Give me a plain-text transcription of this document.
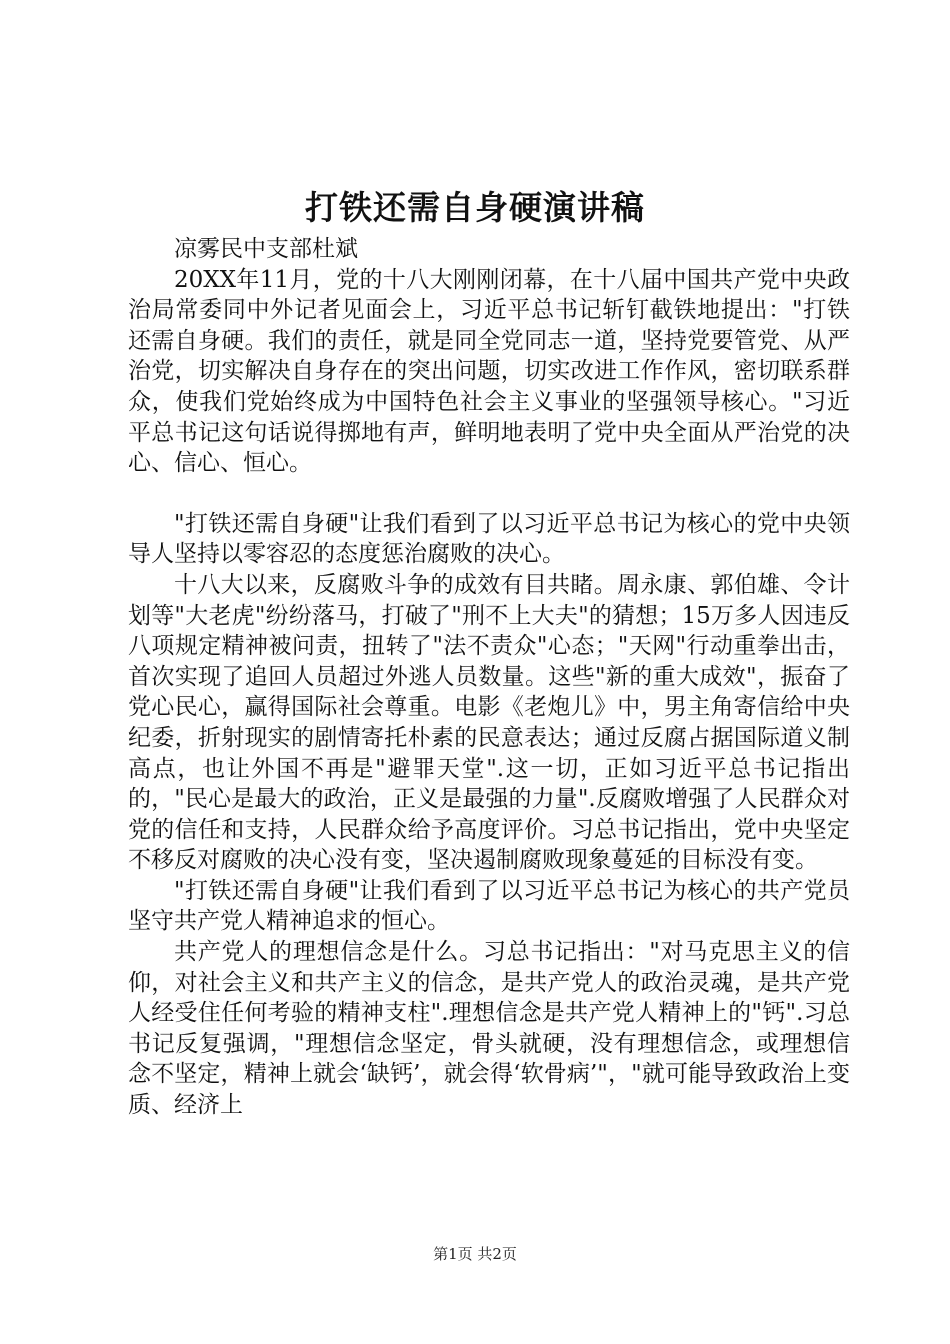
打铁还需自身硬演讲稿

凉雾民中支部杜斌

20XX年11月，党的十八大刚刚闭幕，在十八届中国共产党中央政治局常委同中外记者见面会上，习近平总书记斩钉截铁地提出："打铁还需自身硬。我们的责任，就是同全党同志一道，坚持党要管党、从严治党，切实解决自身存在的突出问题，切实改进工作作风，密切联系群众，使我们党始终成为中国特色社会主义事业的坚强领导核心。"习近平总书记这句话说得掷地有声，鲜明地表明了党中央全面从严治党的决心、信心、恒心。

"打铁还需自身硬"让我们看到了以习近平总书记为核心的党中央领导人坚持以零容忍的态度惩治腐败的决心。

十八大以来，反腐败斗争的成效有目共睹。周永康、郭伯雄、令计划等"大老虎"纷纷落马，打破了"刑不上大夫"的猜想；15万多人因违反八项规定精神被问责，扭转了"法不责众"心态；"天网"行动重拳出击，首次实现了追回人员超过外逃人员数量。这些"新的重大成效"，振奋了党心民心，赢得国际社会尊重。电影《老炮儿》中，男主角寄信给中央纪委，折射现实的剧情寄托朴素的民意表达；通过反腐占据国际道义制高点，也让外国不再是"避罪天堂".这一切，正如习近平总书记指出的，"民心是最大的政治，正义是最强的力量".反腐败增强了人民群众对党的信任和支持，人民群众给予高度评价。习总书记指出，党中央坚定不移反对腐败的决心没有变，坚决遏制腐败现象蔓延的目标没有变。

"打铁还需自身硬"让我们看到了以习近平总书记为核心的共产党员坚守共产党人精神追求的恒心。

共产党人的理想信念是什么。习总书记指出："对马克思主义的信仰，对社会主义和共产主义的信念，是共产党人的政治灵魂，是共产党人经受住任何考验的精神支柱".理想信念是共产党人精神上的"钙".习总书记反复强调，"理想信念坚定，骨头就硬，没有理想信念，或理想信念不坚定，精神上就会‘缺钙’，就会得‘软骨病’"，"就可能导致政治上变质、经济上

第1页 共2页
